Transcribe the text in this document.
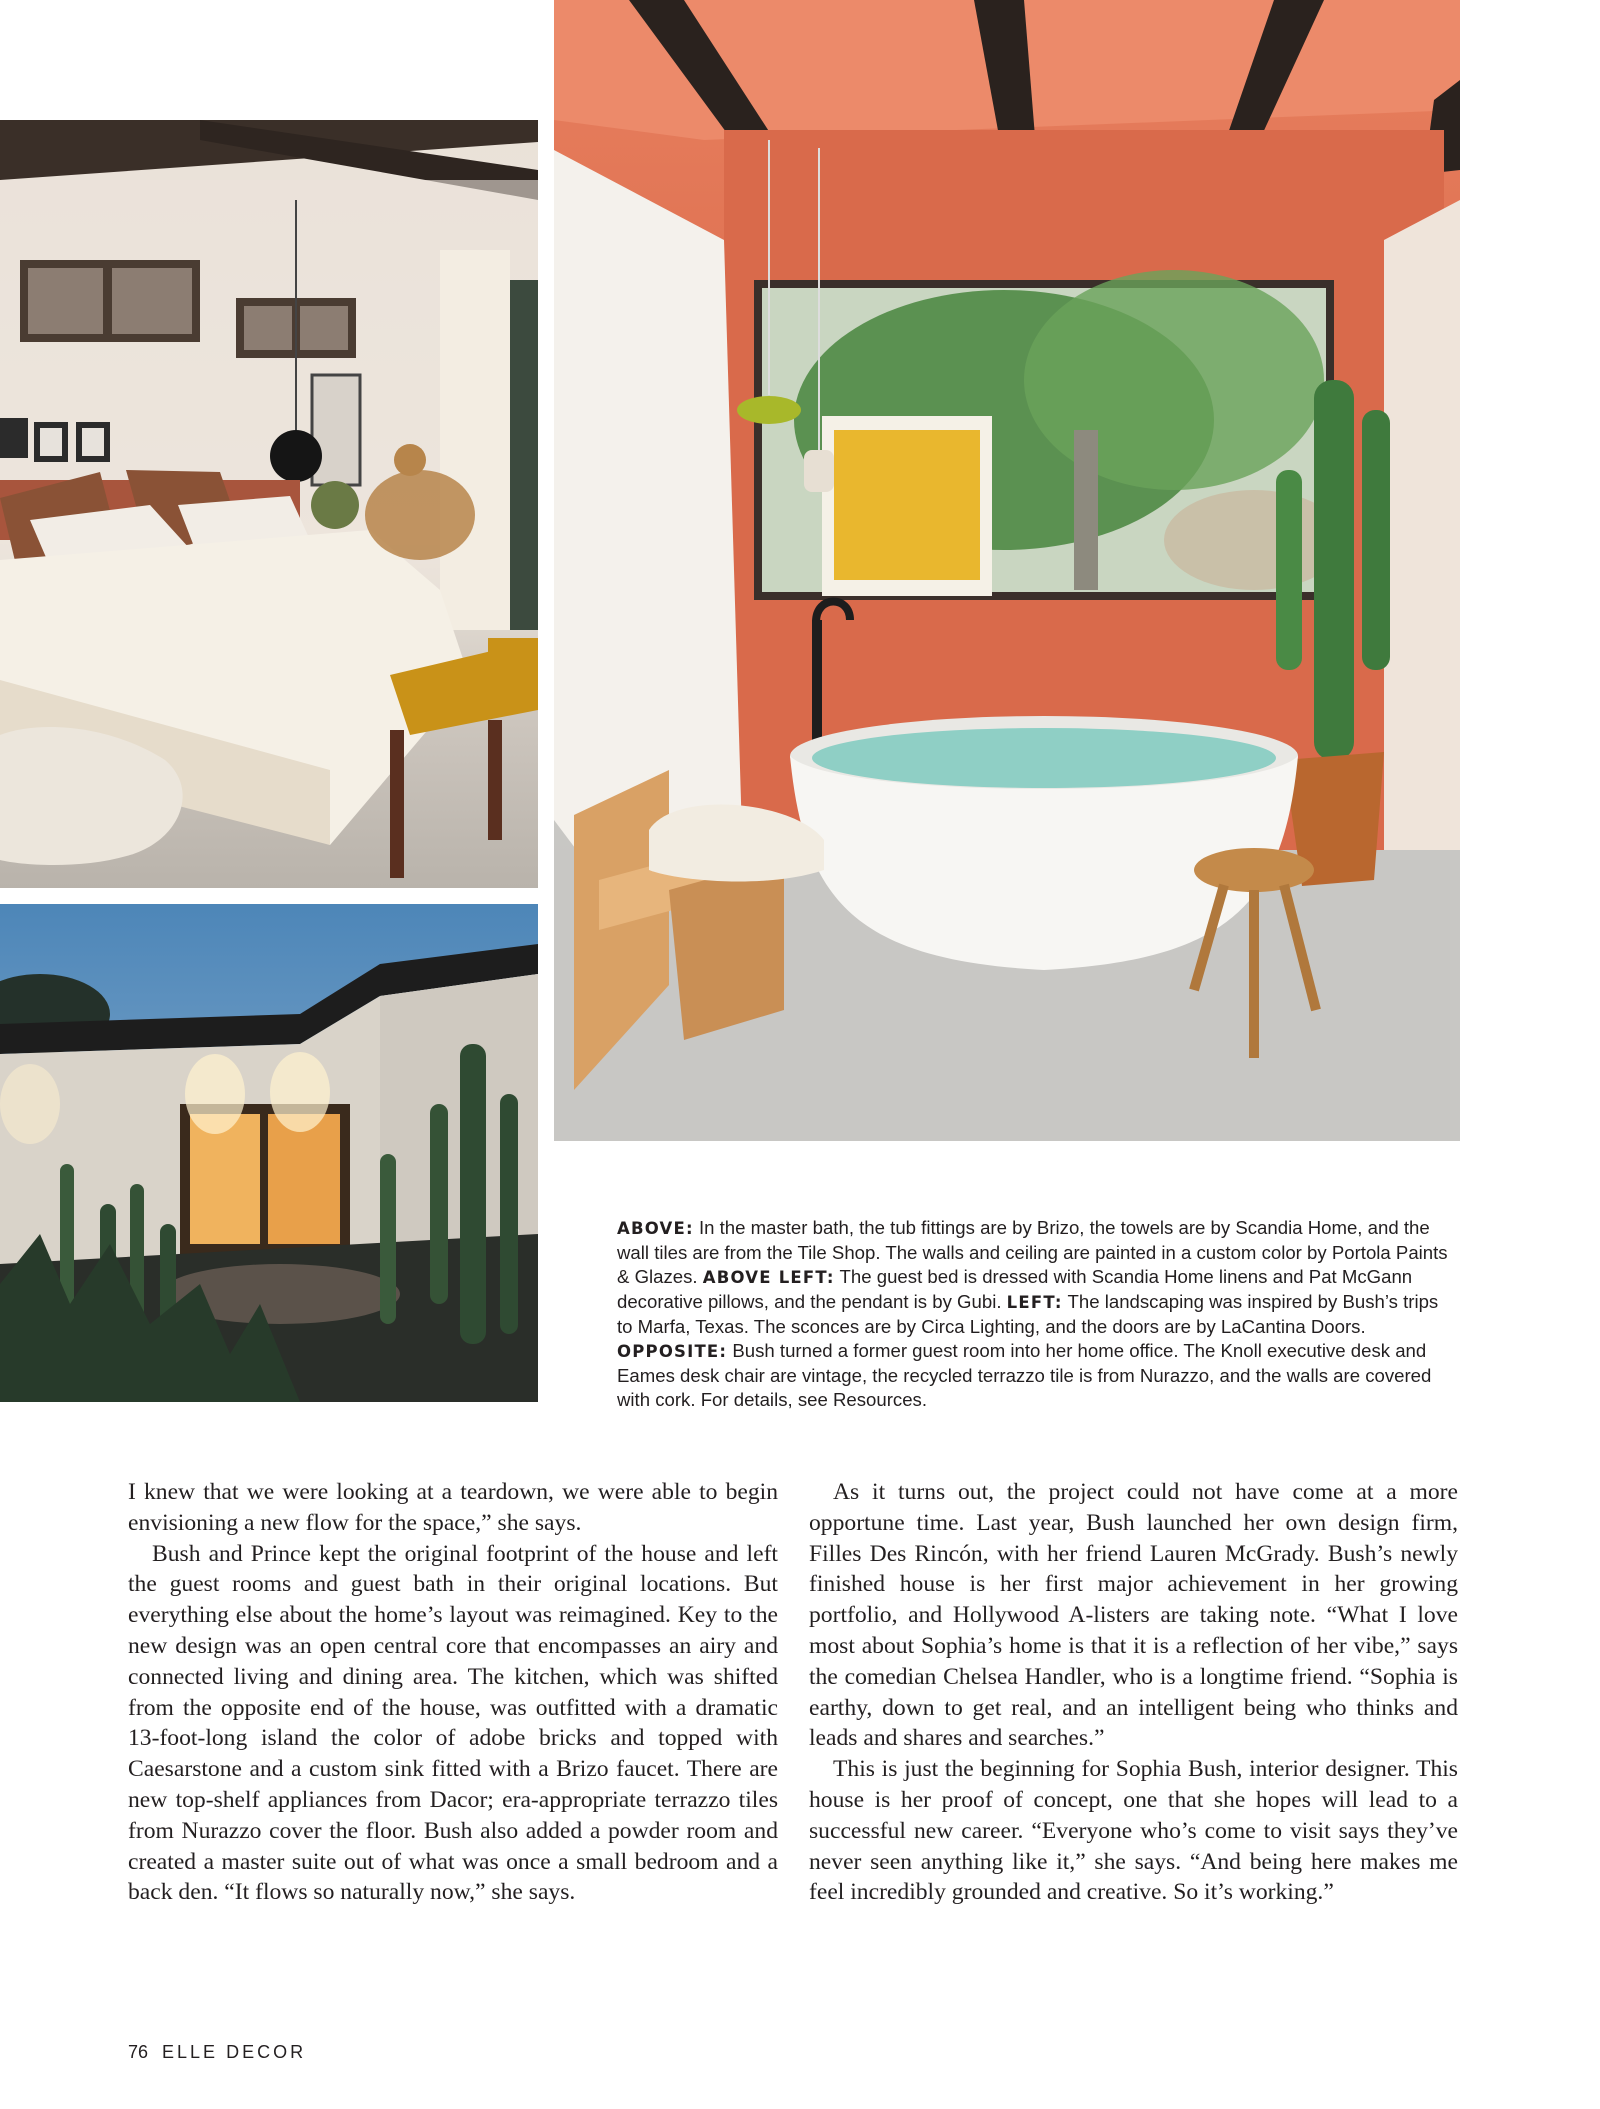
ABOVE: In the master bath, the tub fittings are by Brizo, the towels are by Scandia Home, and the wall tiles are from the Tile Shop. The walls and ceiling are painted in a custom color by Portola Paints & Glazes. ABOVE LEFT: The guest bed is dressed with Scandia Home linens and Pat McGann decorative pillows, and the pendant is by Gubi. LEFT: The landscaping was inspired by Bush’s trips to Marfa, Texas. The sconces are by Circa Lighting, and the doors are by LaCantina Doors. OPPOSITE: Bush turned a former guest room into her home office. The Knoll executive desk and Eames desk chair are vintage, the recycled terrazzo tile is from Nurazzo, and the walls are covered with cork. For details, see Resources.

I knew that we were looking at a teardown, we were able to begin envisioning a new flow for the space,” she says.

Bush and Prince kept the original footprint of the house and left the guest rooms and guest bath in their original locations. But everything else about the home’s layout was reimagined. Key to the new design was an open central core that encompasses an airy and connected living and dining area. The kitchen, which was shifted from the opposite end of the house, was outfitted with a dramatic 13-foot-long island the color of adobe bricks and topped with Caesarstone and a custom sink fitted with a Brizo faucet. There are new top-shelf appliances from Dacor; era-appropriate terrazzo tiles from Nurazzo cover the floor. Bush also added a powder room and created a master suite out of what was once a small bedroom and a back den. “It flows so naturally now,” she says.

As it turns out, the project could not have come at a more opportune time. Last year, Bush launched her own design firm, Filles Des Rincón, with her friend Lauren McGrady. Bush’s newly finished house is her first major achievement in her growing portfolio, and Hollywood A-listers are taking note. “What I love most about Sophia’s home is that it is a reflection of her vibe,” says the comedian Chelsea Handler, who is a longtime friend. “Sophia is earthy, down to get real, and an intelligent being who thinks and leads and shares and searches.”

This is just the beginning for Sophia Bush, interior designer. This house is her proof of concept, one that she hopes will lead to a successful new career. “Everyone who’s come to visit says they’ve never seen anything like it,” she says. “And being here makes me feel incredibly grounded and creative. So it’s working.”

76 ELLE DECOR
